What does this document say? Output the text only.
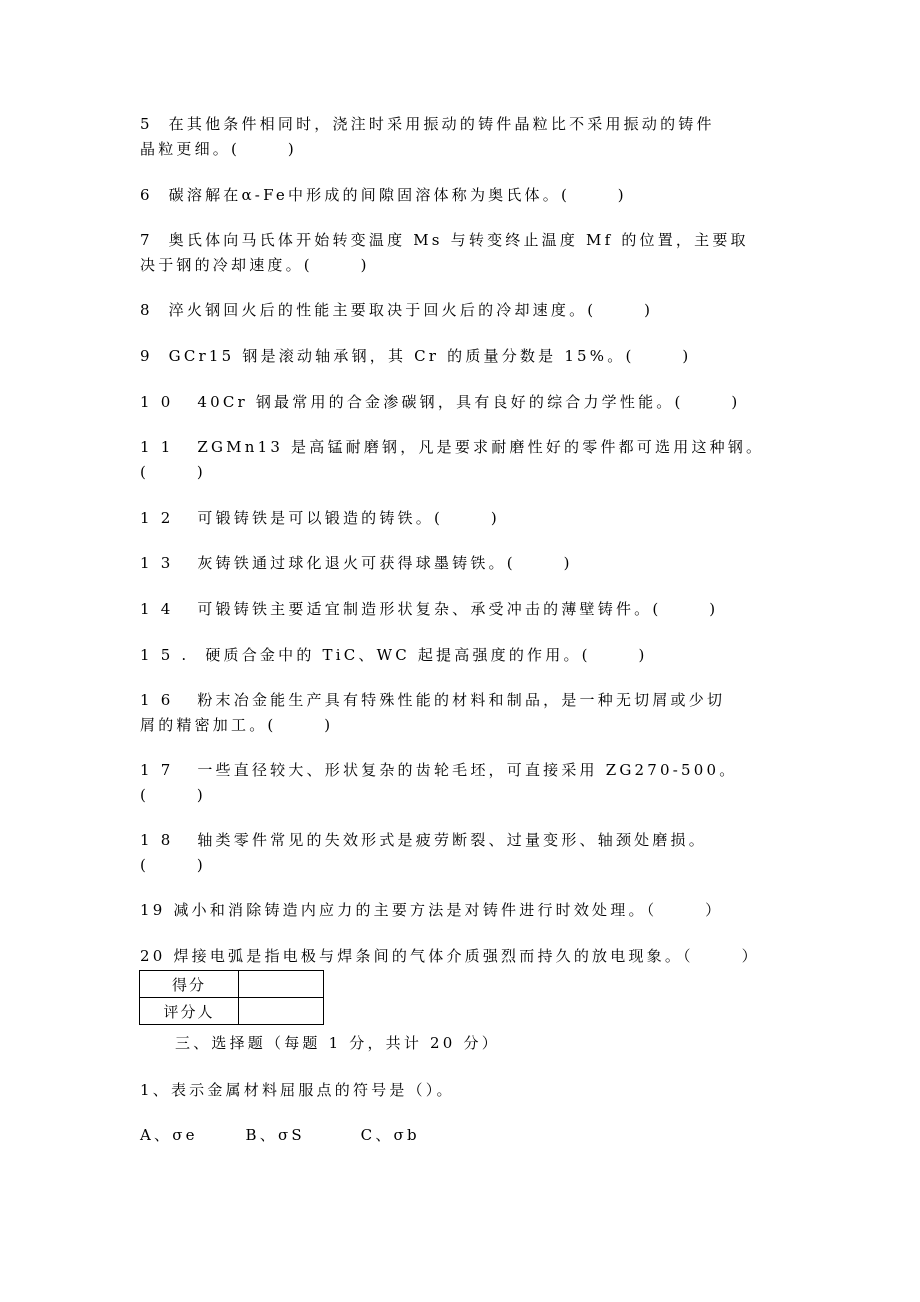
5  在其他条件相同时，浇注时采用振动的铸件晶粒比不采用振动的铸件
晶粒更细。(      )
6  碳溶解在α-Fe中形成的间隙固溶体称为奥氏体。(      )
7  奥氏体向马氏体开始转变温度 Ms 与转变终止温度 Mf 的位置，主要取
决于钢的冷却速度。(      )
8  淬火钢回火后的性能主要取决于回火后的冷却速度。(      )
9  GCr15 钢是滚动轴承钢，其 Cr 的质量分数是 15%。(      )
1 0   40Cr 钢最常用的合金渗碳钢，具有良好的综合力学性能。(      )
1 1   ZGMn13 是高锰耐磨钢，凡是要求耐磨性好的零件都可选用这种钢。
(      )
1 2   可锻铸铁是可以锻造的铸铁。(      )
1 3   灰铸铁通过球化退火可获得球墨铸铁。(      )
1 4   可锻铸铁主要适宜制造形状复杂、承受冲击的薄壁铸件。(      )
1 5 .  硬质合金中的 TiC、WC 起提高强度的作用。(      )
1 6   粉末冶金能生产具有特殊性能的材料和制品，是一种无切屑或少切
屑的精密加工。(      )
1 7   一些直径较大、形状复杂的齿轮毛坯，可直接采用 ZG270-500。
(      )
1 8   轴类零件常见的失效形式是疲劳断裂、过量变形、轴颈处磨损。
(      )
19 减小和消除铸造内应力的主要方法是对铸件进行时效处理。（      ）
20 焊接电弧是指电极与焊条间的气体介质强烈而持久的放电现象。（      ）
得分	
评分人	
三、选择题（每题 1 分，共计 20 分）
1、表示金属材料屈服点的符号是（）。
A、σe      B、σS       C、σb
